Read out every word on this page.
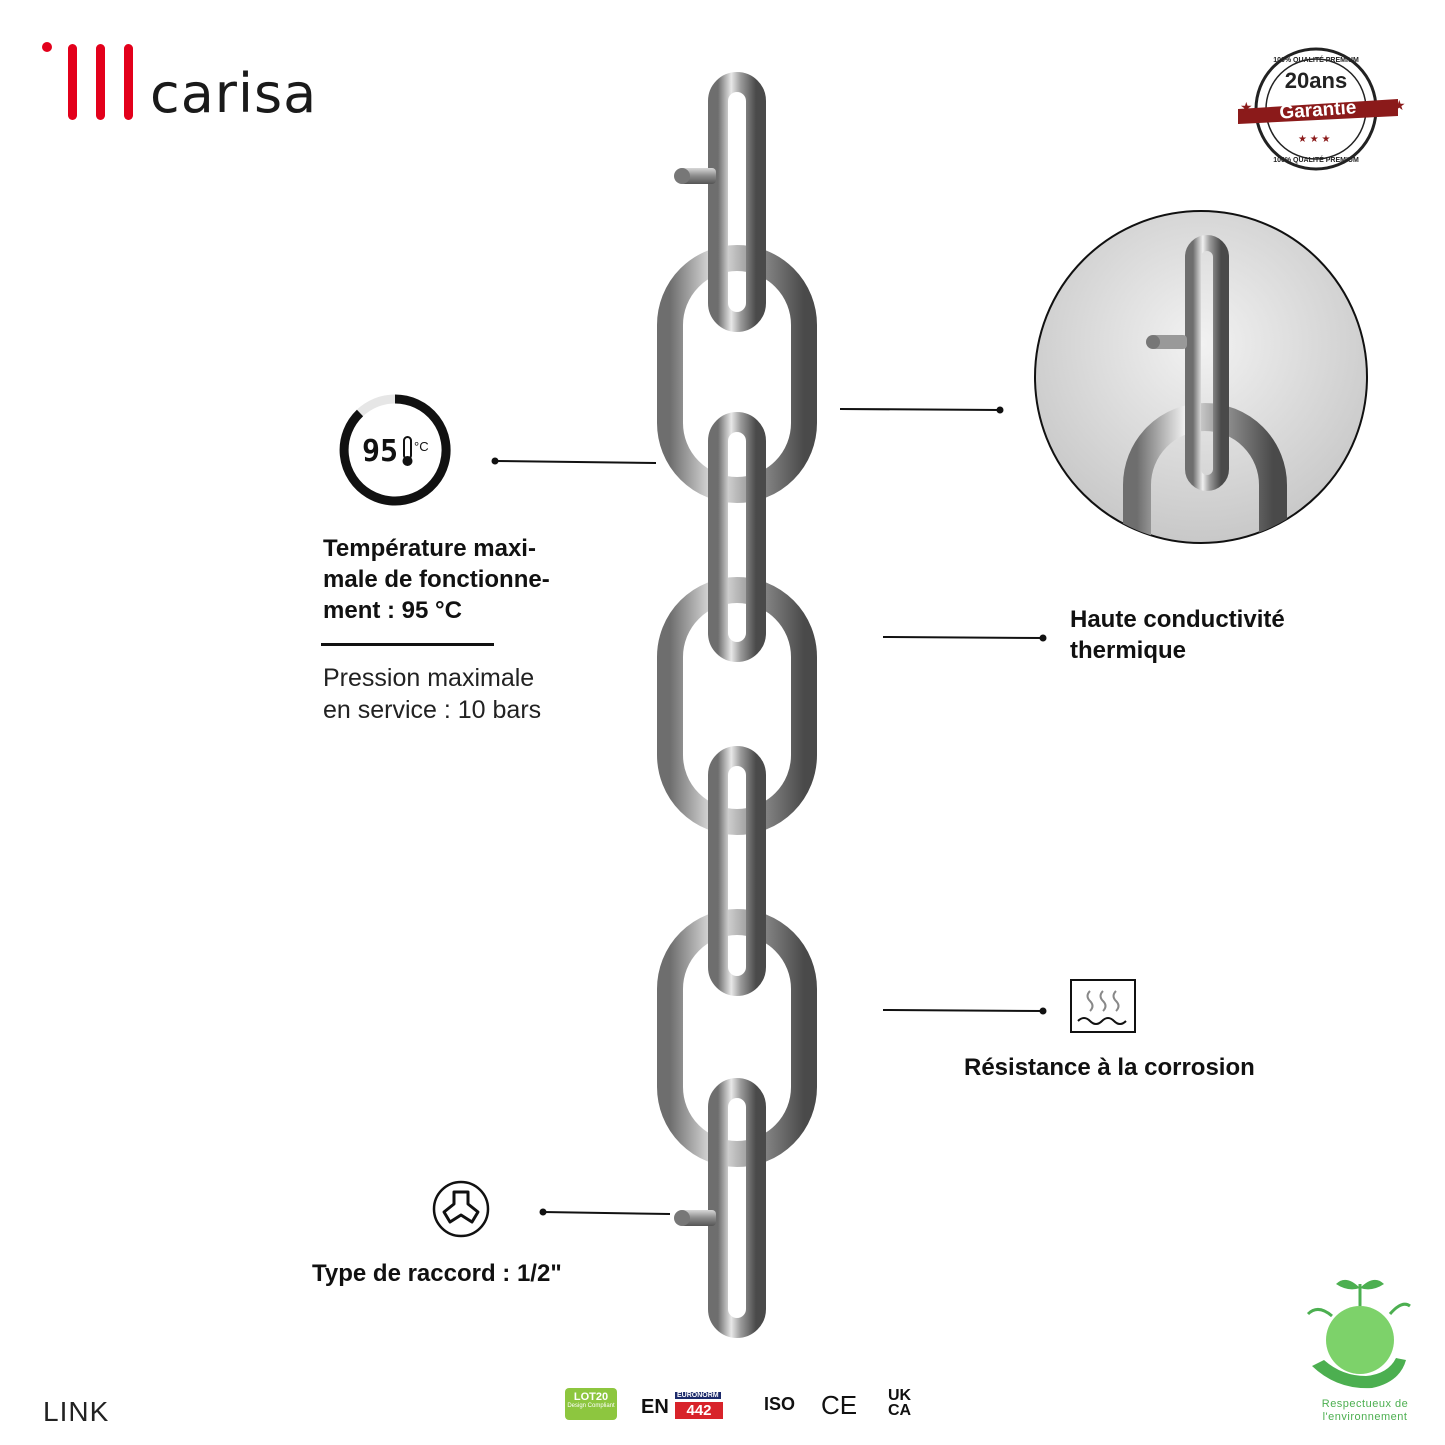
carisa	★	★
★ ★ ★
20ans
Garantie
100% QUALITÉ PREMIUM
100% QUALITÉ PREMIUM
95 °C
Température maxi-
male de fonctionne-
ment : 95 °C
Pression maximale
en service : 10 bars
Haute conductivité
thermique
Résistance à la corrosion
Type de raccord : 1/2"
LINK	LOT20
Design Compliant EN
EURONORM
442	ISO CE UK
CA	Respectueux de
l'environnement
